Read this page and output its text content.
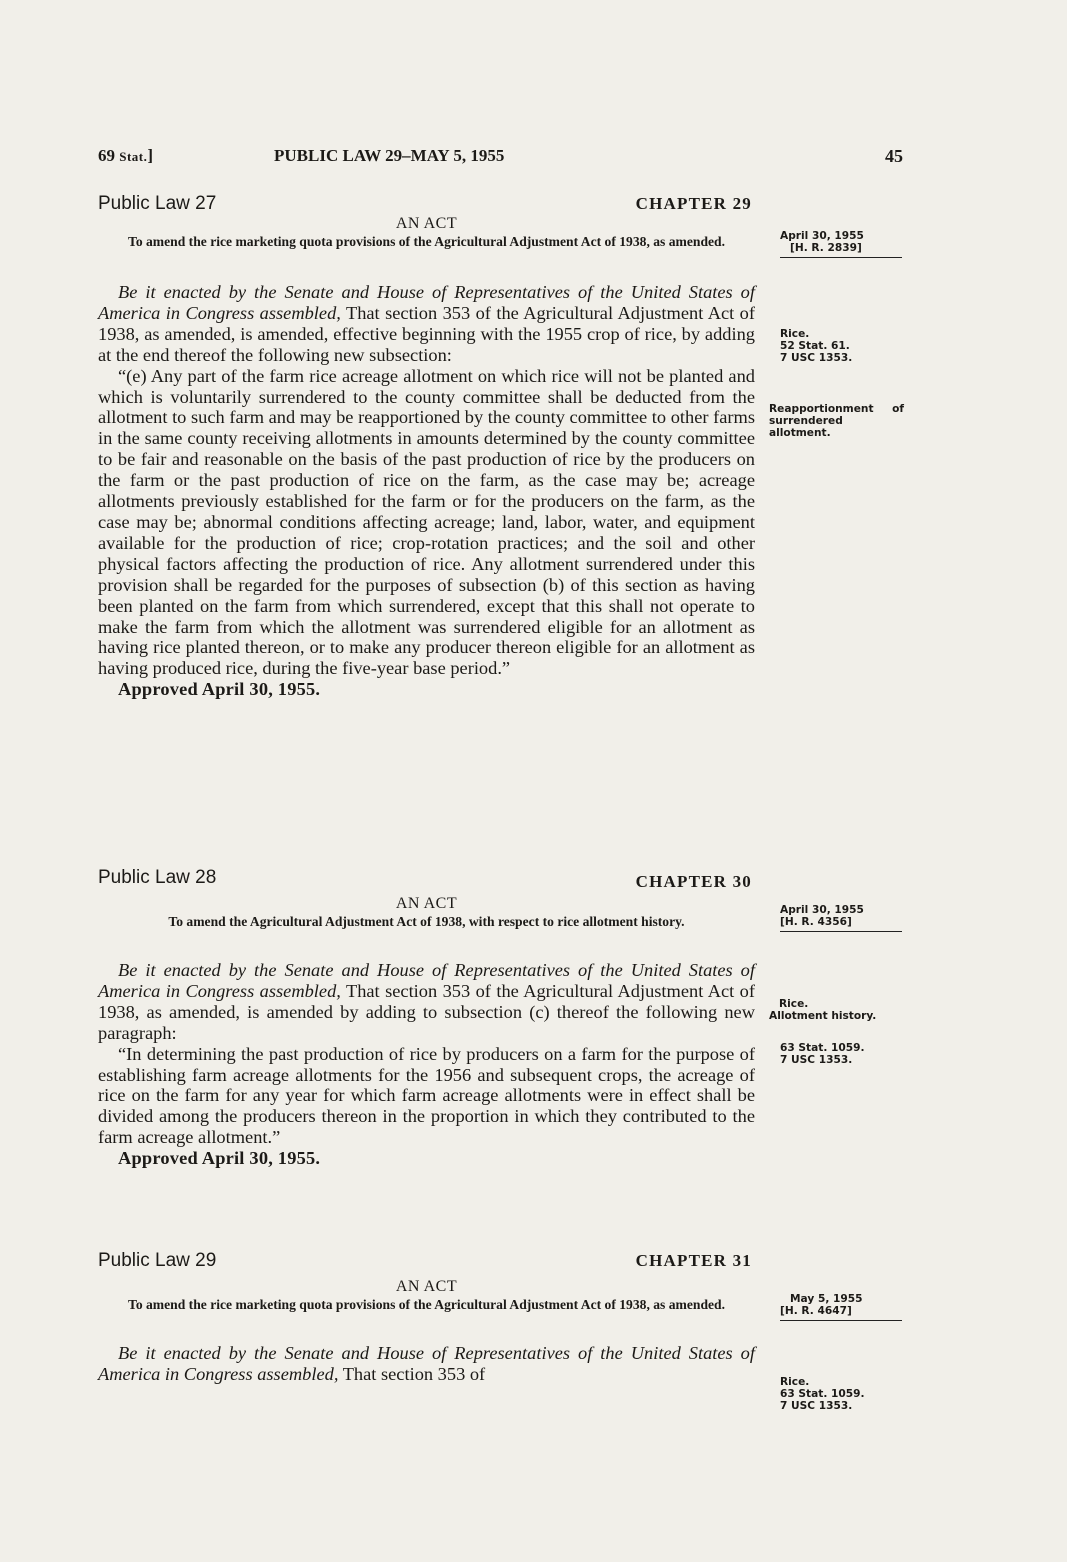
69 Stat.]	PUBLIC LAW 29–MAY 5, 1955	45
Public Law 27	CHAPTER 29
AN ACT
To amend the rice marketing quota provisions of the Agricultural Adjustment Act of 1938, as amended.

Be it enacted by the Senate and House of Representatives of the United States of America in Congress assembled, That section 353 of the Agricultural Adjustment Act of 1938, as amended, is amended, effective beginning with the 1955 crop of rice, by adding at the end thereof the following new subsection:

“(e) Any part of the farm rice acreage allotment on which rice will not be planted and which is voluntarily surrendered to the county committee shall be deducted from the allotment to such farm and may be reapportioned by the county committee to other farms in the same county receiving allotments in amounts determined by the county committee to be fair and reasonable on the basis of the past production of rice by the producers on the farm or the past production of rice on the farm, as the case may be; acreage allotments previously established for the farm or for the producers on the farm, as the case may be; abnormal conditions affecting acreage; land, labor, water, and equipment available for the production of rice; crop-rotation practices; and the soil and other physical factors affecting the production of rice. Any allotment surrendered under this provision shall be regarded for the purposes of subsection (b) of this section as having been planted on the farm from which surrendered, except that this shall not operate to make the farm from which the allotment was surrendered eligible for an allotment as having rice planted thereon, or to make any producer thereon eligible for an allotment as having produced rice, during the five-year base period.”

Approved April 30, 1955.

April 30, 1955
[H. R. 2839]
Rice.
52 Stat. 61.
7 USC 1353.
Reapportionment of surrendered allotment.
Public Law 28	CHAPTER 30
AN ACT
To amend the Agricultural Adjustment Act of 1938, with respect to rice allotment history.

Be it enacted by the Senate and House of Representatives of the United States of America in Congress assembled, That section 353 of the Agricultural Adjustment Act of 1938, as amended, is amended by adding to subsection (c) thereof the following new paragraph:

“In determining the past production of rice by producers on a farm for the purpose of establishing farm acreage allotments for the 1956 and subsequent crops, the acreage of rice on the farm for any year for which farm acreage allotments were in effect shall be divided among the producers thereon in the proportion in which they contributed to the farm acreage allotment.”

Approved April 30, 1955.

April 30, 1955
[H. R. 4356]
Rice.
Allotment history.
63 Stat. 1059.
7 USC 1353.
Public Law 29	CHAPTER 31
AN ACT
To amend the rice marketing quota provisions of the Agricultural Adjustment Act of 1938, as amended.

Be it enacted by the Senate and House of Representatives of the United States of America in Congress assembled, That section 353 of

May 5, 1955
[H. R. 4647]
Rice.
63 Stat. 1059.
7 USC 1353.
